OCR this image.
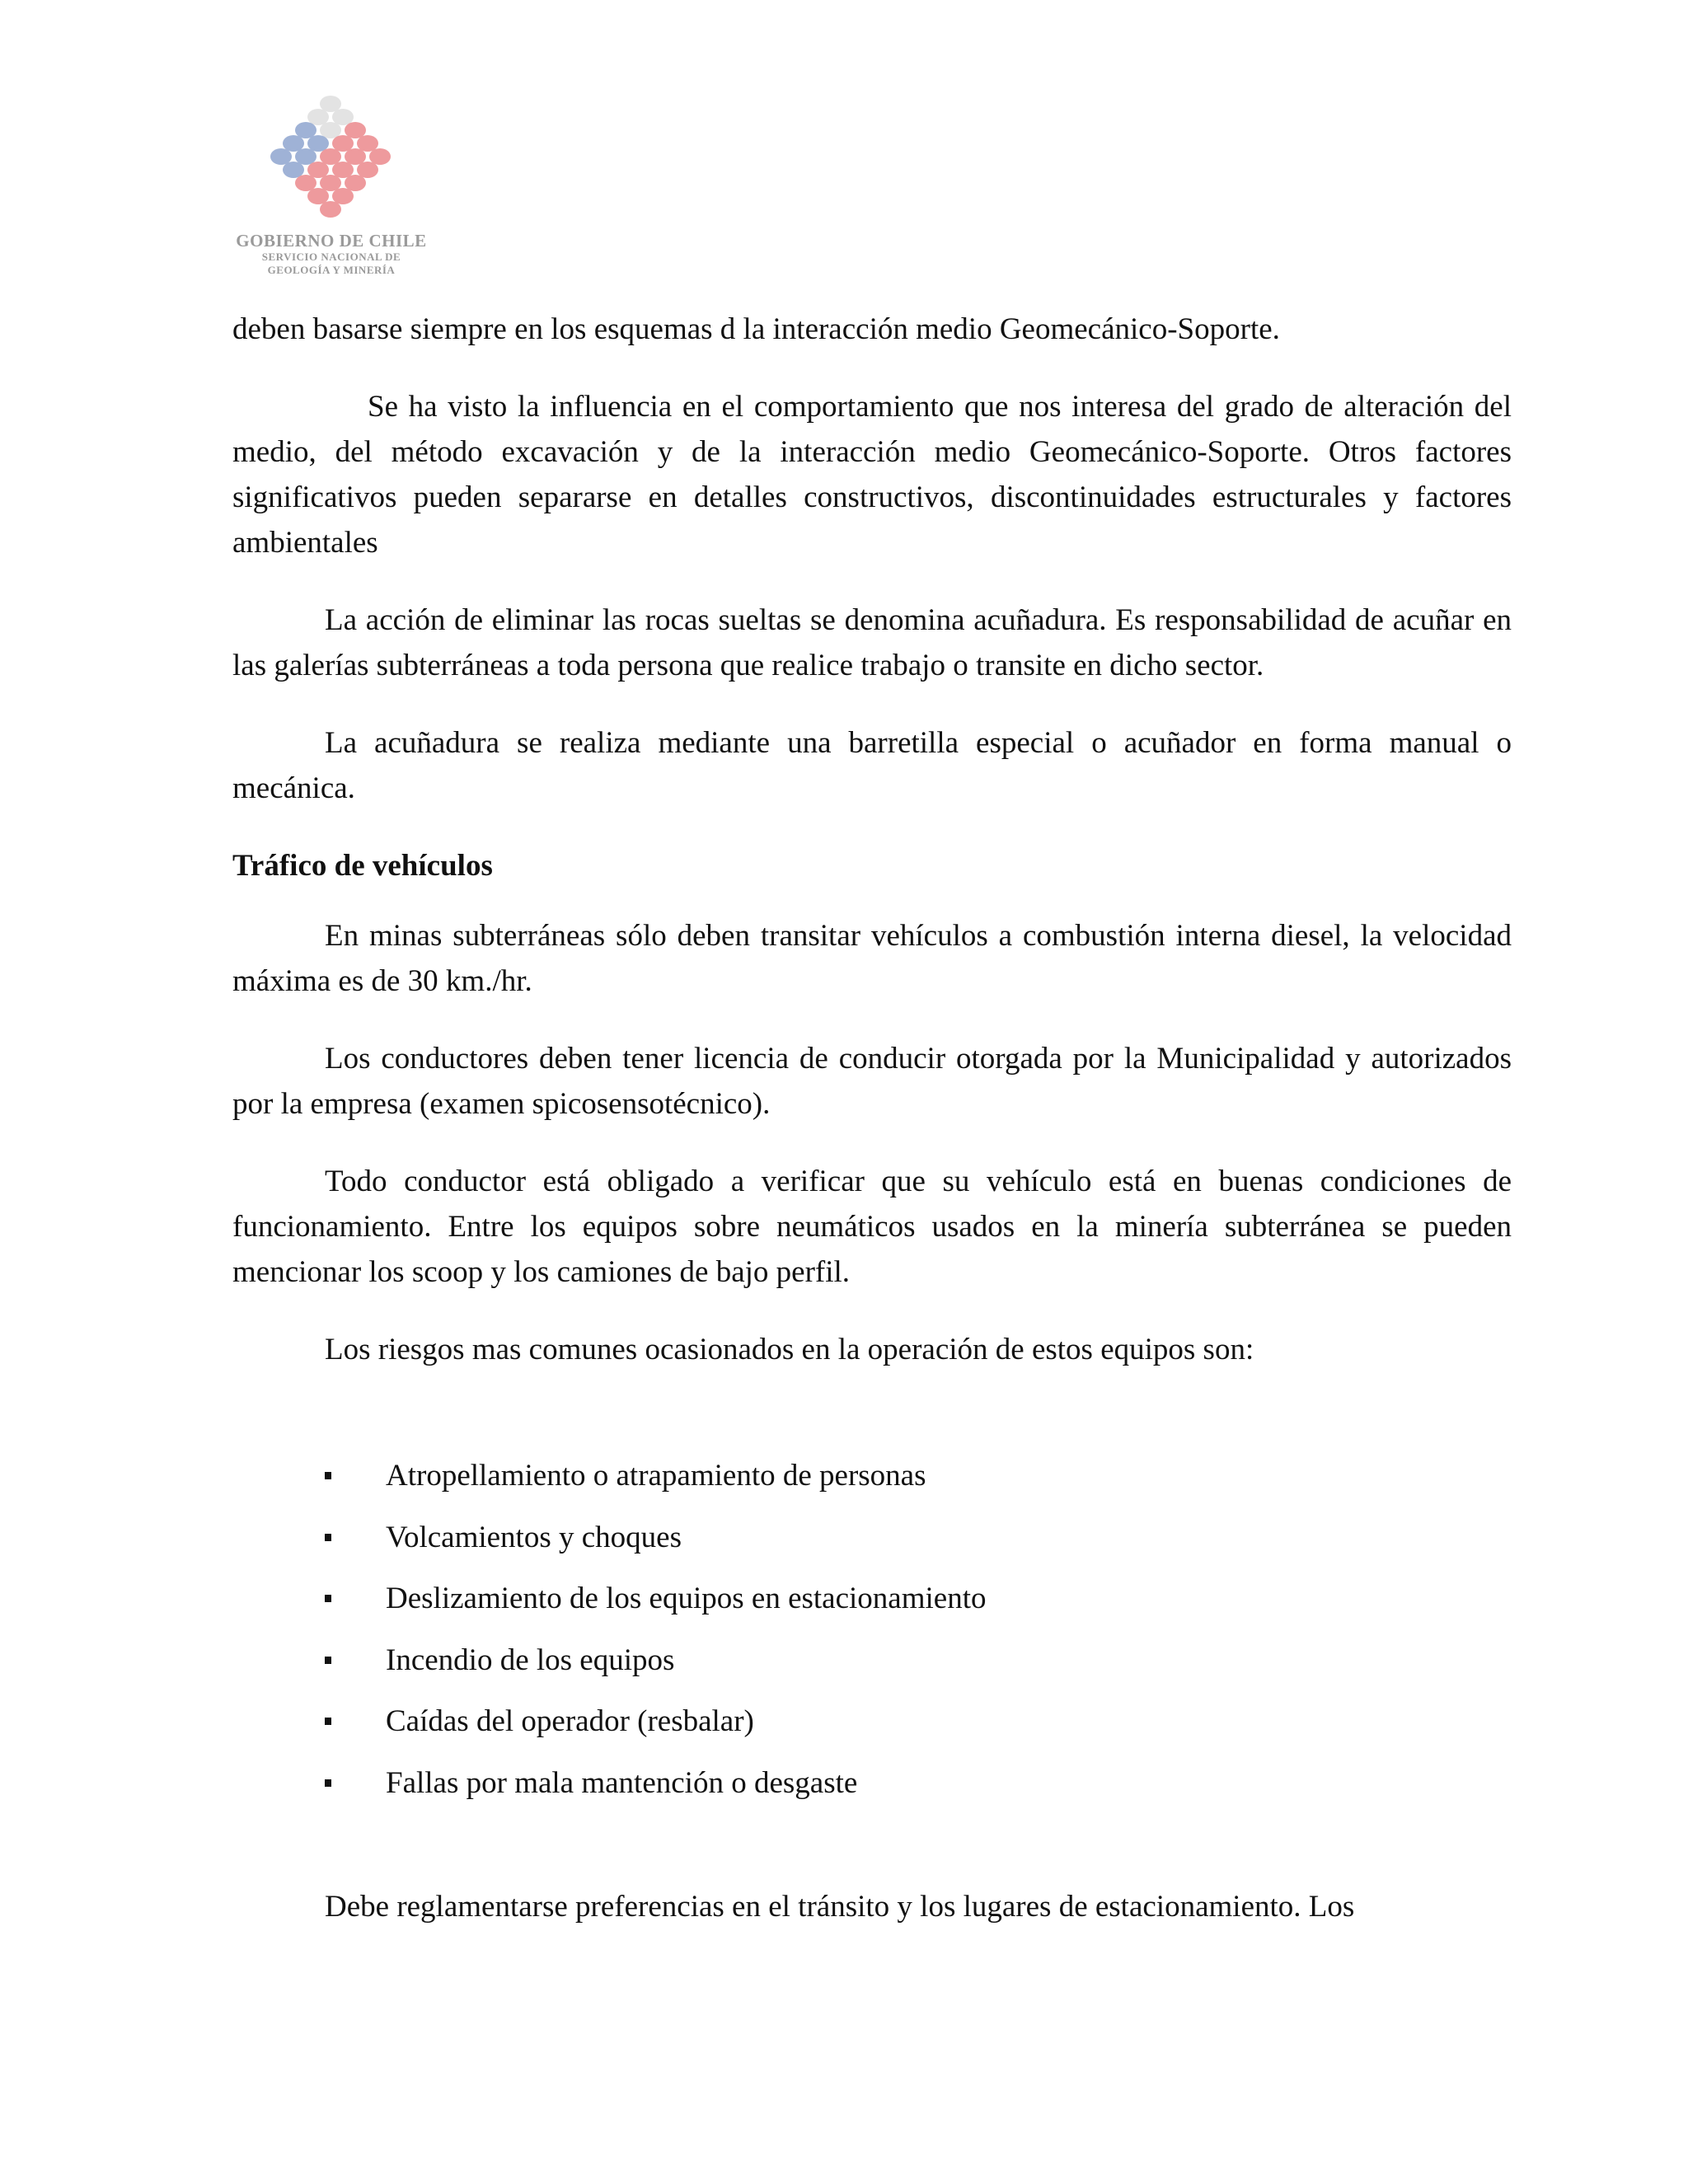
GOBIERNO DE CHILE
SERVICIO NACIONAL DE
GEOLOGÍA Y MINERÍA

deben basarse siempre en los esquemas d la interacción medio Geomecánico-Soporte.

Se ha visto la influencia en el comportamiento que nos interesa del grado de alteración del medio, del método excavación y de la interacción medio Geomecánico-Soporte. Otros factores significativos pueden separarse en detalles constructivos, discontinuidades estructurales y factores ambientales

La acción de eliminar las rocas sueltas se denomina acuñadura. Es responsabilidad de acuñar en las galerías subterráneas a toda persona que realice trabajo o transite en dicho sector.

La acuñadura se realiza mediante una barretilla especial o acuñador en forma manual o mecánica.

Tráfico de vehículos

En minas subterráneas sólo deben transitar vehículos a combustión interna diesel, la velocidad máxima es de 30 km./hr.

Los conductores deben tener licencia de conducir otorgada por la Municipalidad y autorizados por la empresa (examen spicosensotécnico).

Todo conductor está obligado a verificar que su vehículo está en buenas condiciones de funcionamiento. Entre los equipos sobre neumáticos usados en la minería subterránea se pueden mencionar los scoop y los camiones de bajo perfil.

Los riesgos mas comunes ocasionados en la operación de estos equipos son:

Atropellamiento o atrapamiento de personas
Volcamientos y choques
Deslizamiento de los equipos en estacionamiento
Incendio de los equipos
Caídas del operador (resbalar)
Fallas por mala mantención o desgaste

Debe reglamentarse preferencias en el tránsito y los lugares de estacionamiento. Los
